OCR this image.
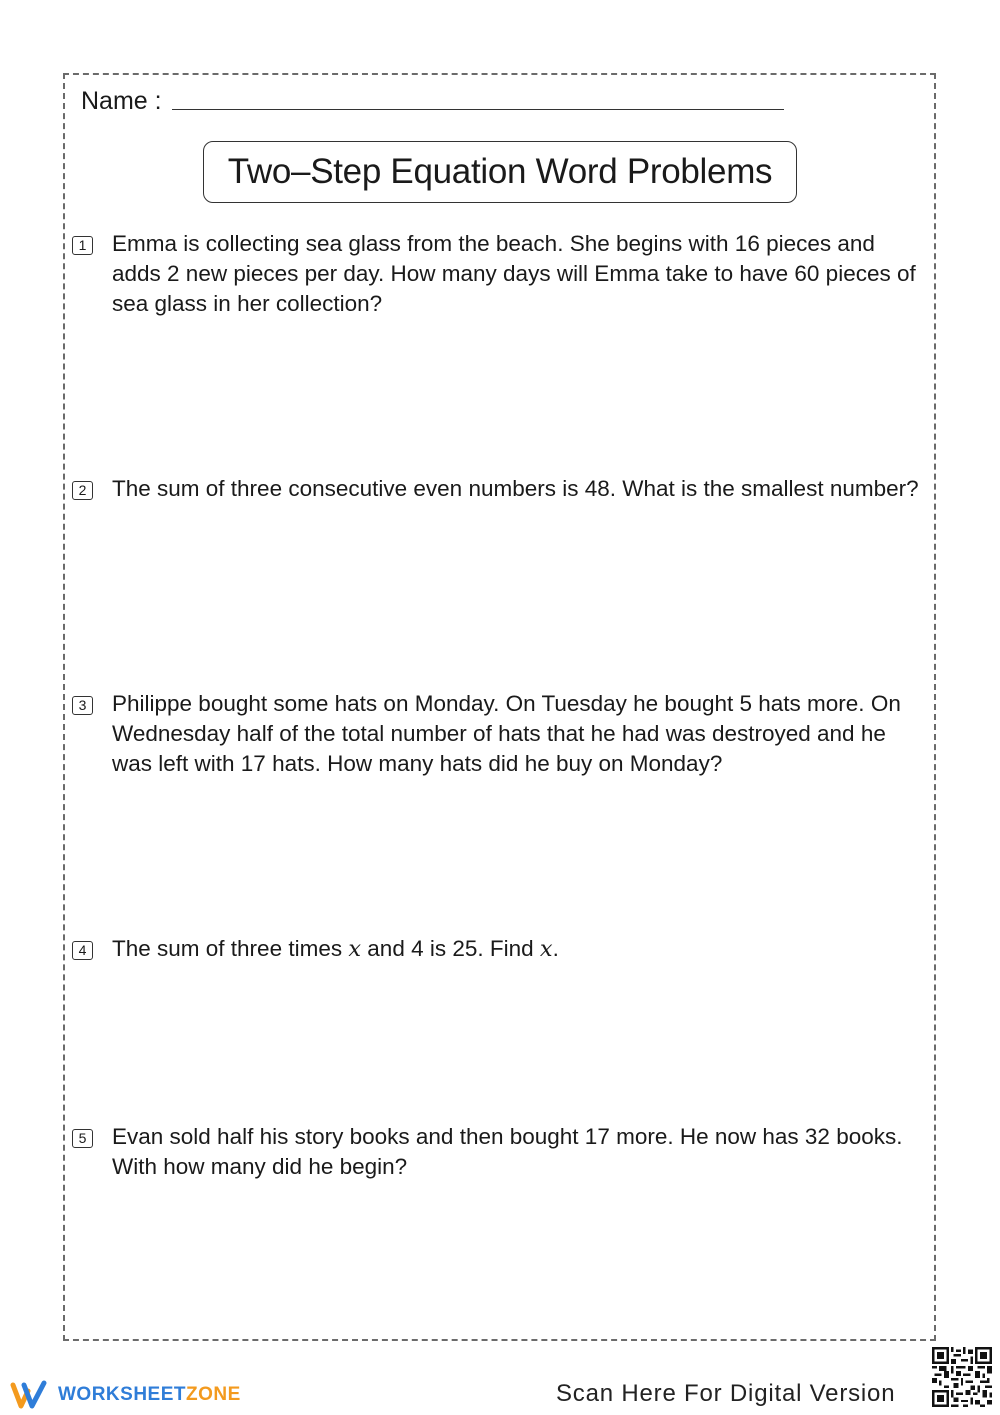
Name :
Two–Step Equation Word Problems
1 Emma is collecting sea glass from the beach. She begins with 16 pieces and adds 2 new pieces per day. How many days will Emma take to have 60 pieces of sea glass in her collection?
2 The sum of three consecutive even numbers is 48. What is the smallest number?
3 Philippe bought some hats on Monday. On Tuesday he bought 5 hats more. On Wednesday half of the total number of hats that he had was destroyed and he was left with 17 hats. How many hats did he buy on Monday?
4 The sum of three times x and 4 is 25. Find x.
5 Evan sold half his story books and then bought 17 more. He now has 32 books. With how many did he begin?
WORKSHEETZONE	Scan Here For Digital Version
